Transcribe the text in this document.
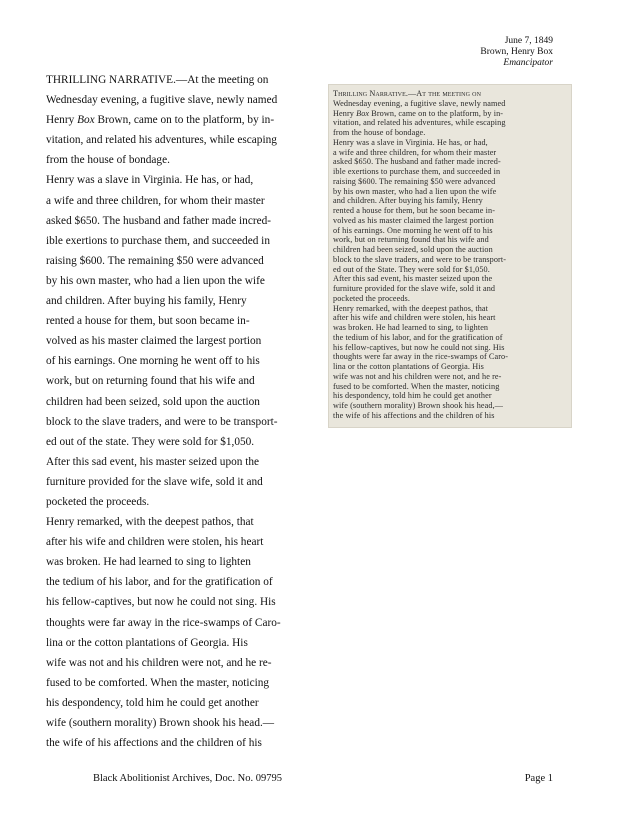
June 7, 1849
Brown, Henry Box
Emancipator
THRILLING NARRATIVE.—At the meeting on
Wednesday evening, a fugitive slave, newly named
Henry Box Brown, came on to the platform, by in-
vitation, and related his adventures, while escaping
from the house of bondage.
Henry was a slave in Virginia. He has, or had,
a wife and three children, for whom their master
asked $650. The husband and father made incred-
ible exertions to purchase them, and succeeded in
raising $600. The remaining $50 were advanced
by his own master, who had a lien upon the wife
and children. After buying his family, Henry
rented a house for them, but soon became in-
volved as his master claimed the largest portion
of his earnings. One morning he went off to his
work, but on returning found that his wife and
children had been seized, sold upon the auction
block to the slave traders, and were to be transport-
ed out of the state. They were sold for $1,050.
After this sad event, his master seized upon the
furniture provided for the slave wife, sold it and
pocketed the proceeds.
Henry remarked, with the deepest pathos, that
after his wife and children were stolen, his heart
was broken. He had learned to sing to lighten
the tedium of his labor, and for the gratification of
his fellow-captives, but now he could not sing. His
thoughts were far away in the rice-swamps of Caro-
lina or the cotton plantations of Georgia. His
wife was not and his children were not, and he re-
fused to be comforted. When the master, noticing
his despondency, told him he could get another
wife (southern morality) Brown shook his head.—
the wife of his affections and the children of his
Thrilling Narrative.—At the meeting on
Wednesday evening, a fugitive slave, newly named
Henry Box Brown, came on to the platform, by in-
vitation, and related his adventures, while escaping
from the house of bondage.
Henry was a slave in Virginia. He has, or had,
a wife and three children, for whom their master
asked $650. The husband and father made incred-
ible exertions to purchase them, and succeeded in
raising $600. The remaining $50 were advanced
by his own master, who had a lien upon the wife
and children. After buying his family, Henry
rented a house for them, but he soon became in-
volved as his master claimed the largest portion
of his earnings. One morning he went off to his
work, but on returning found that his wife and
children had been seized, sold upon the auction
block to the slave traders, and were to be transport-
ed out of the State. They were sold for $1,050.
After this sad event, his master seized upon the
furniture provided for the slave wife, sold it and
pocketed the proceeds.
Henry remarked, with the deepest pathos, that
after his wife and children were stolen, his heart
was broken. He had learned to sing, to lighten
the tedium of his labor, and for the gratification of
his fellow-captives, but now he could not sing. His
thoughts were far away in the rice-swamps of Caro-
lina or the cotton plantations of Georgia. His
wife was not and his children were not, and he re-
fused to be comforted. When the master, noticing
his despondency, told him he could get another
wife (southern morality) Brown shook his head,—
the wife of his affections and the children of his
Black Abolitionist Archives, Doc. No. 09795	Page 1
